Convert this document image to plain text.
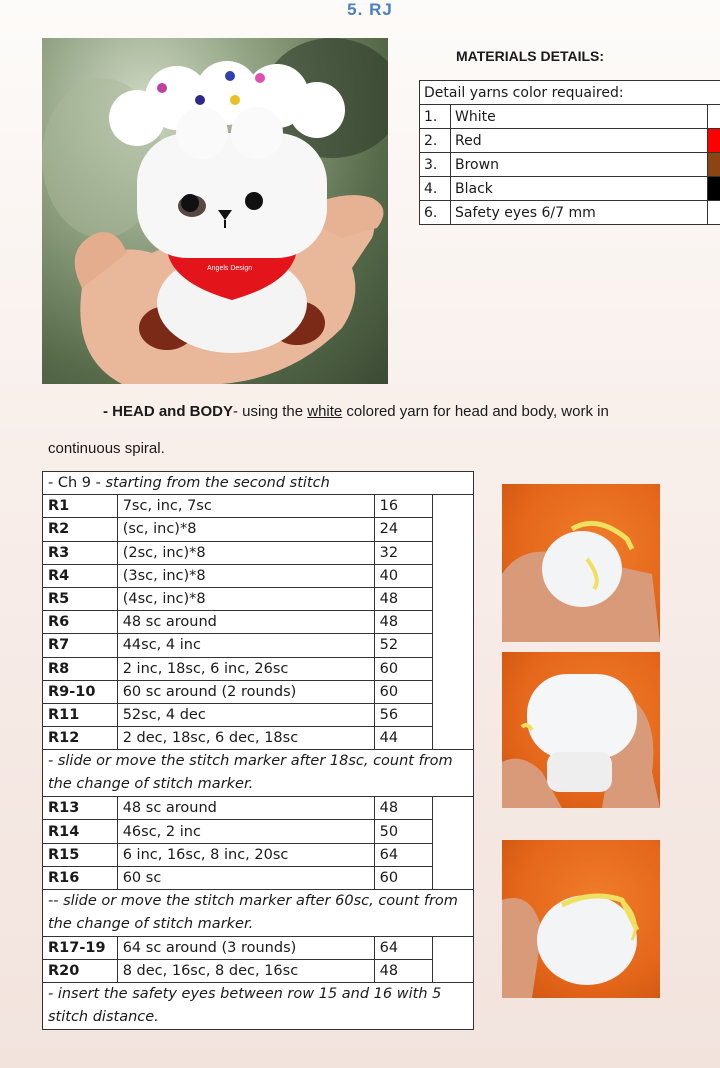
5. RJ
Angels Design
MATERIALS DETAILS:
Detail yarns color requaired:		
1.	White	
2.	Red	
3.	Brown	
4.	Black	
6.	Safety eyes 6/7 mm	
- HEAD and BODY- using the white colored yarn for head and body, work in
continuous spiral.
- Ch 9 - starting from the second stitch			
R1	7sc, inc, 7sc	16	
R2	(sc, inc)*8	24	
R3	(2sc, inc)*8	32	
R4	(3sc, inc)*8	40	
R5	(4sc, inc)*8	48	
R6	48 sc around	48	
R7	44sc, 4 inc	52	
R8	2 inc, 18sc, 6 inc, 26sc	60	
R9-10	60 sc around (2 rounds)	60	
R11	52sc, 4 dec	56	
R12	2 dec, 18sc, 6 dec, 18sc	44	
- slide or move the stitch marker after 18sc, count from the change of stitch marker.			
R13	48 sc around	48	
R14	46sc, 2 inc	50	
R15	6 inc, 16sc, 8 inc, 20sc	64	
R16	60 sc	60	
-- slide or move the stitch marker after 60sc, count from the change of stitch marker.			
R17-19	64 sc around (3 rounds)	64	
R20	8 dec, 16sc, 8 dec, 16sc	48	
- insert the safety eyes between row 15 and 16 with 5 stitch distance.			
